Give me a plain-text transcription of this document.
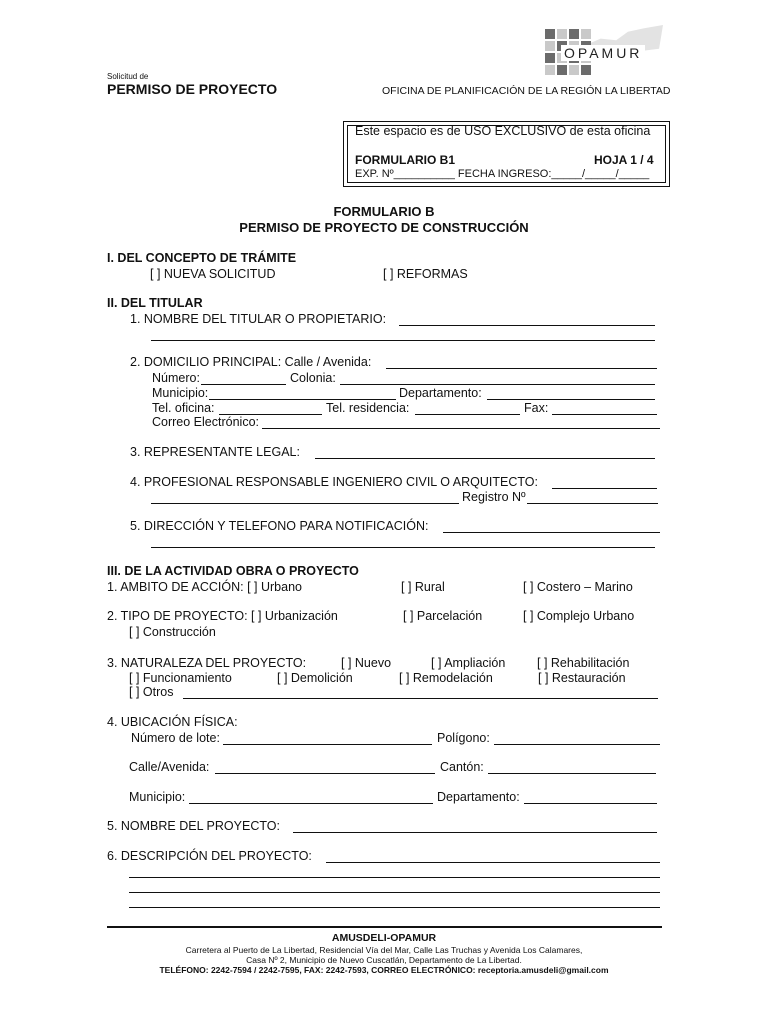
OPAMUR
Solicitud de
PERMISO DE PROYECTO	OFICINA DE PLANIFICACIÓN DE LA REGIÓN LA LIBERTAD
Este espacio es de USO EXCLUSIVO de esta oficina
FORMULARIO B1	HOJA 1 / 4
EXP. Nº__________ FECHA INGRESO:_____/_____/_____
FORMULARIO B
PERMISO DE PROYECTO DE CONSTRUCCIÓN
I. DEL CONCEPTO DE TRÁMITE
[ ] NUEVA SOLICITUD	[ ] REFORMAS
II. DEL TITULAR
1. NOMBRE DEL TITULAR O PROPIETARIO:
2. DOMICILIO PRINCIPAL: Calle / Avenida:
Número:	Colonia:
Municipio:	Departamento:
Tel. oficina:	Tel. residencia:	Fax:
Correo Electrónico:
3. REPRESENTANTE LEGAL:
4. PROFESIONAL RESPONSABLE INGENIERO CIVIL O ARQUITECTO:
Registro Nº
5. DIRECCIÓN Y TELEFONO PARA NOTIFICACIÓN:
III. DE LA ACTIVIDAD OBRA O PROYECTO
1. AMBITO DE ACCIÓN: [ ] Urbano	[ ] Rural	[ ] Costero – Marino
2. TIPO DE PROYECTO: [ ] Urbanización	[ ] Parcelación	[ ] Complejo Urbano
[ ] Construcción
3. NATURALEZA DEL PROYECTO:	[ ] Nuevo	[ ] Ampliación	[ ] Rehabilitación
[ ] Funcionamiento	[ ] Demolición	[ ] Remodelación	[ ] Restauración
[ ] Otros
4. UBICACIÓN FÍSICA:
Número de lote:	Polígono:
Calle/Avenida:	Cantón:
Municipio:	Departamento:
5. NOMBRE DEL PROYECTO:
6. DESCRIPCIÓN DEL PROYECTO:
AMUSDELI-OPAMUR
Carretera al Puerto de La Libertad, Residencial Vía del Mar, Calle Las Truchas y Avenida Los Calamares,
Casa Nº 2, Municipio de Nuevo Cuscatlán, Departamento de La Libertad.
TELÉFONO: 2242-7594 / 2242-7595, FAX: 2242-7593, CORREO ELECTRÓNICO: receptoria.amusdeli@gmail.com
